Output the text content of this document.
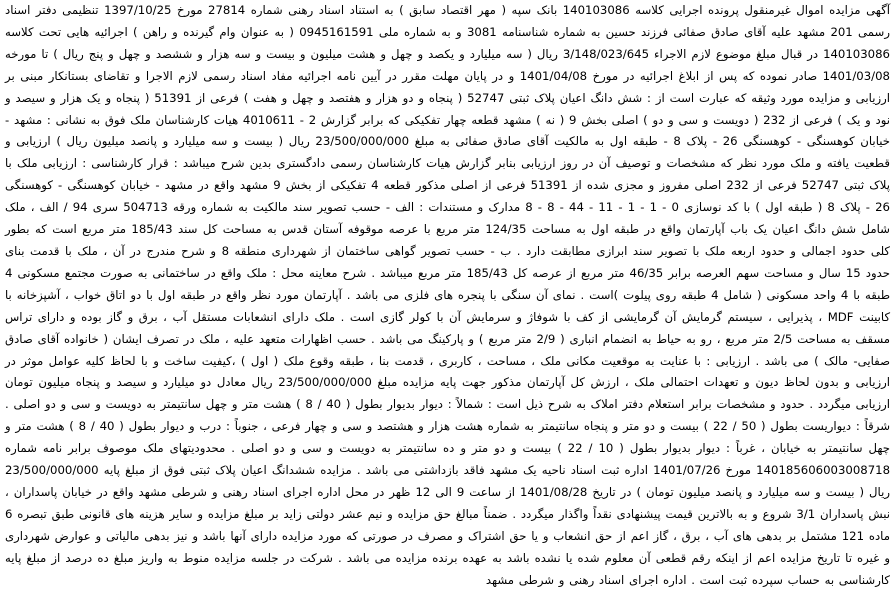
آگهی مزایده اموال غیرمنقول پرونده اجرایی کلاسه 140103086 بانک سپه ( مهر اقتصاد سابق ) به استناد اسناد رهنی شماره 27814 مورخ 1397/10/25 تنظیمی دفتر اسناد رسمی 201 مشهد علیه آقای صادق صفائی فرزند حسین به شماره شناسنامه 3081 و به شماره ملی 0945161591 ( به عنوان وام گیرنده و راهن ) اجرائیه هایی تحت کلاسه 140103086 در قبال مبلغ موضوع لازم الاجراء 3/148/023/645 ریال ( سه میلیارد و یکصد و چهل و هشت میلیون و بیست و سه هزار و ششصد و چهل و پنج ریال ) تا مورخه 1401/03/08 صادر نموده که پس از ابلاغ اجرائیه در مورخ 1401/04/08 و در پایان مهلت مقرر در آیین نامه اجرائیه مفاد اسناد رسمی لازم الاجرا و تقاضای بستانکار مبنی بر ارزیابی و مزایده مورد وثیقه که عبارت است از : شش دانگ اعیان پلاک ثبتی 52747 ( پنجاه و دو هزار و هفتصد و چهل و هفت ) فرعی از 51391 ( پنجاه و یک هزار و سیصد و نود و یک ) فرعی از 232 ( دویست و سی و دو ) اصلی بخش 9 ( نه ) مشهد قطعه چهار تفکیکی که برابر گزارش 2 - 4010611 هیات کارشناسان ملک فوق به نشانی : مشهد - خیابان کوهسنگی - کوهسنگی 26 - پلاک 8 - طبقه اول به مالکیت آقای صادق صفائی به مبلغ 23/500/000/000 ریال ( بیست و سه میلیارد و پانصد میلیون ریال ) ارزیابی و قطعیت یافته و ملک مورد نظر که مشخصات و توصیف آن در روز ارزیابی بنابر گزارش هیات کارشناسان رسمی دادگستری بدین شرح میباشد : قرار کارشناسی : ارزیابی ملک با پلاک ثبتی 52747 فرعی از 232 اصلی مفروز و مجزی شده از 51391 فرعی از اصلی مذکور قطعه 4 تفکیکی از بخش 9 مشهد واقع در مشهد - خیابان کوهسنگی - کوهسنگی 26 - پلاک 8 ( طبقه اول ) با کد نوسازی 0 - 1 - 1 - 11 - 44 - 8 - 8 مدارک و مستندات : الف - حسب تصویر سند مالکیت به شماره ورقه 504713 سری 94 / الف ، ملک شامل شش دانگ اعیان یک باب آپارتمان واقع در طبقه اول به مساحت 124/35 متر مربع با عرصه موقوفه آستان قدس به مساحت کل سند 185/43 متر مربع است که بطور کلی حدود اجمالی و حدود اربعه ملک با تصویر سند ابرازی مطابقت دارد . ب - حسب تصویر گواهی ساختمان از شهرداری منطقه 8 و شرح مندرج در آن ، ملک با قدمت بنای حدود 15 سال و مساحت سهم العرصه برابر 46/35 متر مربع از عرصه کل 185/43 متر مربع میباشد . شرح معاینه محل : ملک واقع در ساختمانی به صورت مجتمع مسکونی 4 طبقه با 4 واحد مسکونی ( شامل 4 طبقه روی پیلوت )است . نمای آن سنگی با پنجره های فلزی می باشد . آپارتمان مورد نظر واقع در طبقه اول با دو اتاق خواب ، آشپزخانه با کابینت MDF ، پذیرایی ، سیستم گرمایش آن گرمایشی از کف با شوفاژ و سرمایش آن با کولر گازی است . ملک دارای انشعابات مستقل آب ، برق و گاز بوده و دارای تراس مسقف به مساحت 2/5 متر مربع ، رو به حیاط به انضمام انباری ( 2/9 متر مربع ) و پارکینگ می باشد . حسب اظهارات متعهد علیه ، ملک در تصرف ایشان ( خانواده آقای صادق صفایی- مالک ) می باشد . ارزیابی : با عنایت به موقعیت مکانی ملک ، مساحت ، کاربری ، قدمت بنا ، طبقه وقوع ملک ( اول ) ،کیفیت ساخت و با لحاظ کلیه عوامل موثر در ارزیابی و بدون لحاظ دیون و تعهدات احتمالی ملک ، ارزش کل آپارتمان مذکور جهت پایه مزایده مبلغ 23/500/000/000 ریال معادل دو میلیارد و سیصد و پنجاه میلیون تومان ارزیابی میگردد . حدود و مشخصات برابر استعلام دفتر املاک به شرح ذیل است : شمالاً : دیوار بدیوار بطول ( 40 / 8 ) هشت متر و چهل سانتیمتر به دویست و سی و دو اصلی . شرقاً : دیواریست بطول ( 50 / 22 ) بیست و دو متر و پنجاه سانتیمتر به شماره هشت هزار و هشتصد و سی و چهار فرعی ، جنوباً : درب و دیوار بطول ( 40 / 8 ) هشت متر و چهل سانتیمتر به خیابان ، غرباً : دیوار بدیوار بطول ( 10 / 22 ) بیست و دو متر و ده سانتیمتر به دویست و سی و دو اصلی . محدودیتهای ملک موصوف برابر نامه شماره 140185606003008718 مورخ 1401/07/26 اداره ثبت اسناد ناحیه یک مشهد فاقد بازداشتی می باشد . مزایده ششدانگ اعیان پلاک ثبتی فوق از مبلغ پایه 23/500/000/000 ریال ( بیست و سه میلیارد و پانصد میلیون تومان ) در تاریخ 1401/08/28 از ساعت 9 الی 12 ظهر در محل اداره اجرای اسناد رهنی و شرطی مشهد واقع در خیابان پاسداران ، نبش پاسداران 3/1 شروع و به بالاترین قیمت پیشنهادی نقداً واگذار میگردد . ضمناً مبالغ حق مزایده و نیم عشر دولتی زاید بر مبلغ مزایده و سایر هزینه های قانونی طبق تبصره 6 ماده 121 مشتمل بر بدهی های آب ، برق ، گاز اعم از حق انشعاب و یا حق اشتراک و مصرف در صورتی که مورد مزایده دارای آنها باشد و نیز بدهی مالیاتی و عوارض شهرداری و غیره تا تاریخ مزایده اعم از اینکه رقم قطعی آن معلوم شده یا نشده باشد به عهده برنده مزایده می باشد . شرکت در جلسه مزایده منوط به واریز مبلغ ده درصد از مبلغ پایه کارشناسی به حساب سپرده ثبت است . اداره اجرای اسناد رهنی و شرطی مشهد
